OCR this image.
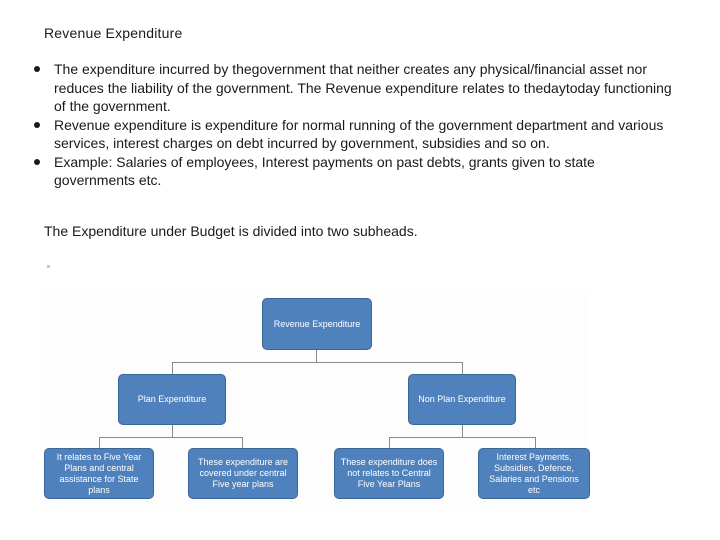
Revenue Expenditure
The expenditure incurred by thegovernment that neither creates any physical/financial asset nor reduces the liability of the government. The Revenue expenditure relates to thedaytoday functioning of the government.
Revenue expenditure is expenditure for normal running of the government department and various services, interest charges on debt incurred by government, subsidies and so on.
Example: Salaries of employees, Interest payments on past debts, grants given to state governments etc.
The Expenditure under Budget is divided into two subheads.
Revenue Expenditure
Plan Expenditure	Non Plan Expenditure
It relates to Five Year Plans and central assistance for State plans
These expenditure are covered under central Five year plans
These expenditure does not relates to Central Five Year Plans
Interest Payments, Subsidies, Defence, Salaries and Pensions etc
